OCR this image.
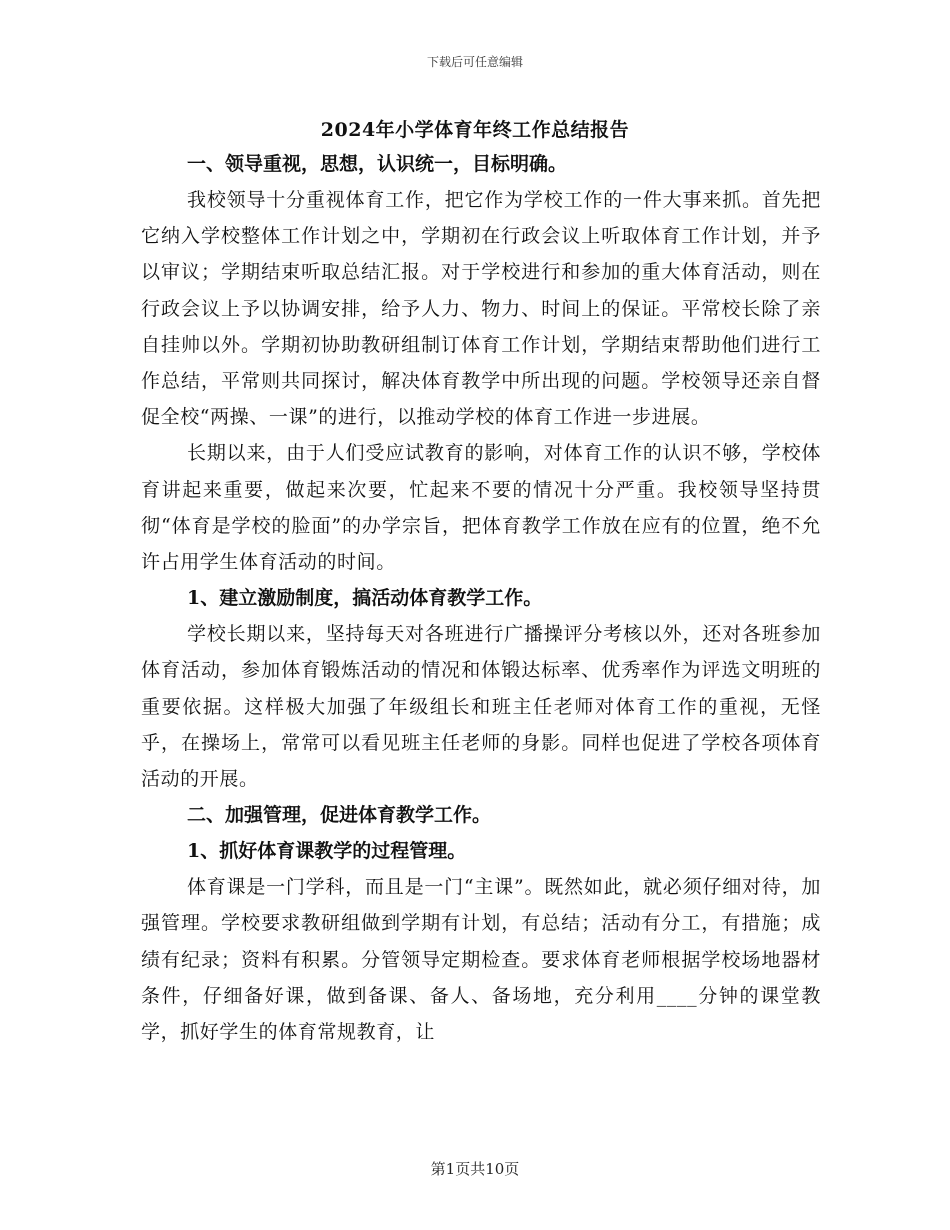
下载后可任意编辑
2024年小学体育年终工作总结报告

一、领导重视，思想，认识统一，目标明确。

我校领导十分重视体育工作，把它作为学校工作的一件大事来抓。首先把它纳入学校整体工作计划之中，学期初在行政会议上听取体育工作计划，并予以审议；学期结束听取总结汇报。对于学校进行和参加的重大体育活动，则在行政会议上予以协调安排，给予人力、物力、时间上的保证。平常校长除了亲自挂帅以外。学期初协助教研组制订体育工作计划，学期结束帮助他们进行工作总结，平常则共同探讨，解决体育教学中所出现的问题。学校领导还亲自督促全校“两操、一课”的进行，以推动学校的体育工作进一步进展。

长期以来，由于人们受应试教育的影响，对体育工作的认识不够，学校体育讲起来重要，做起来次要，忙起来不要的情况十分严重。我校领导坚持贯彻“体育是学校的脸面”的办学宗旨，把体育教学工作放在应有的位置，绝不允许占用学生体育活动的时间。

1、建立激励制度，搞活动体育教学工作。

学校长期以来，坚持每天对各班进行广播操评分考核以外，还对各班参加体育活动，参加体育锻炼活动的情况和体锻达标率、优秀率作为评选文明班的重要依据。这样极大加强了年级组长和班主任老师对体育工作的重视，无怪乎，在操场上，常常可以看见班主任老师的身影。同样也促进了学校各项体育活动的开展。

二、加强管理，促进体育教学工作。

1、抓好体育课教学的过程管理。

体育课是一门学科，而且是一门“主课”。既然如此，就必须仔细对待，加强管理。学校要求教研组做到学期有计划，有总结；活动有分工，有措施；成绩有纪录；资料有积累。分管领导定期检查。要求体育老师根据学校场地器材条件，仔细备好课，做到备课、备人、备场地，充分利用____分钟的课堂教学，抓好学生的体育常规教育，让

第1页共10页
